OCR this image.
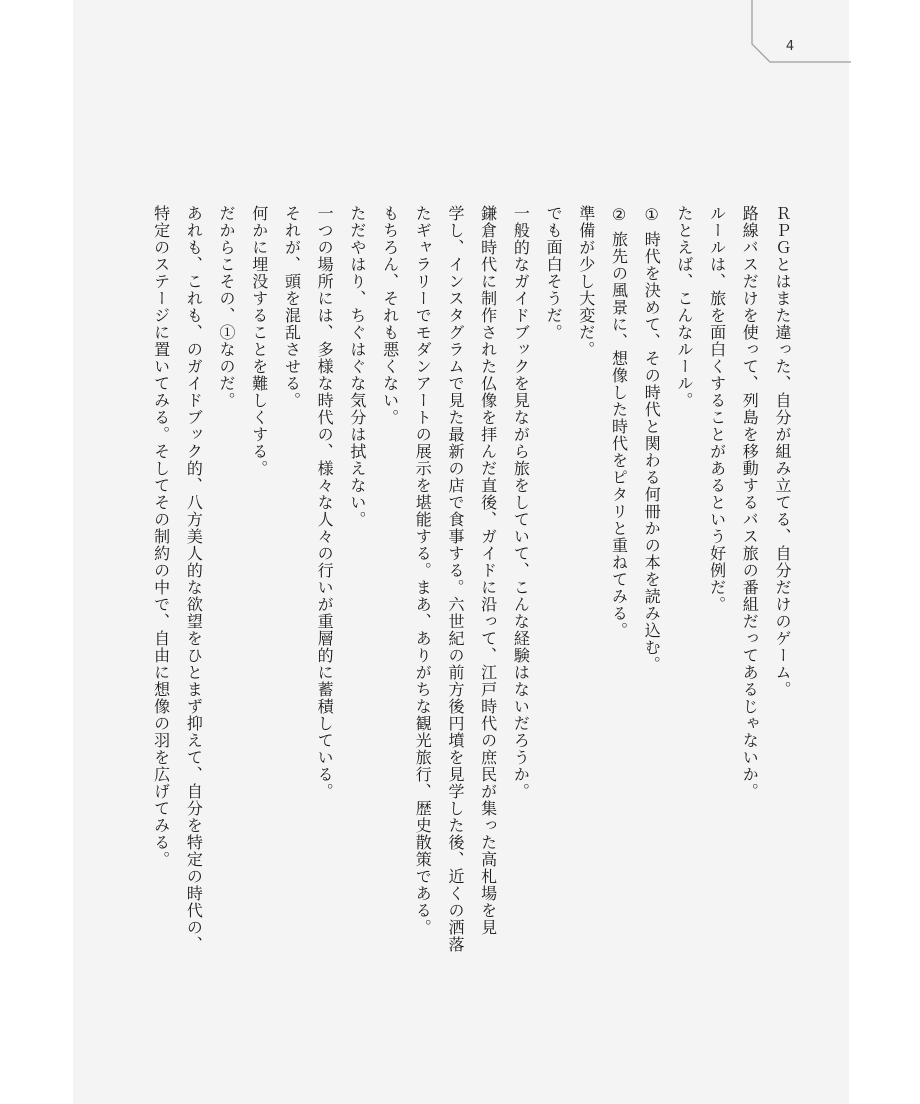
4
ＲＰＧとはまた違った、自分が組み立てる、自分だけのゲーム。
路線バスだけを使って、列島を移動するバス旅の番組だってあるじゃないか。
ルールは、旅を面白くすることがあるという好例だ。
たとえば、こんなルール。
① 時代を決めて、その時代と関わる何冊かの本を読み込む。
② 旅先の風景に、想像した時代をピタリと重ねてみる。
準備が少し大変だ。
でも面白そうだ。
一般的なガイドブックを見ながら旅をしていて、こんな経験はないだろうか。
鎌倉時代に制作された仏像を拝んだ直後、ガイドに沿って、江戸時代の庶民が集った高札場を見
学し、インスタグラムで見た最新の店で食事する。六世紀の前方後円墳を見学した後、近くの洒落
たギャラリーでモダンアートの展示を堪能する。まあ、ありがちな観光旅行、歴史散策である。
もちろん、それも悪くない。
ただやはり、ちぐはぐな気分は拭えない。
一つの場所には、多様な時代の、様々な人々の行いが重層的に蓄積している。
それが、頭を混乱させる。
何かに埋没することを難しくする。
だからこその、①なのだ。
あれも、これも、のガイドブック的、八方美人的な欲望をひとまず抑えて、自分を特定の時代の、
特定のステージに置いてみる。そしてその制約の中で、自由に想像の羽を広げてみる。
